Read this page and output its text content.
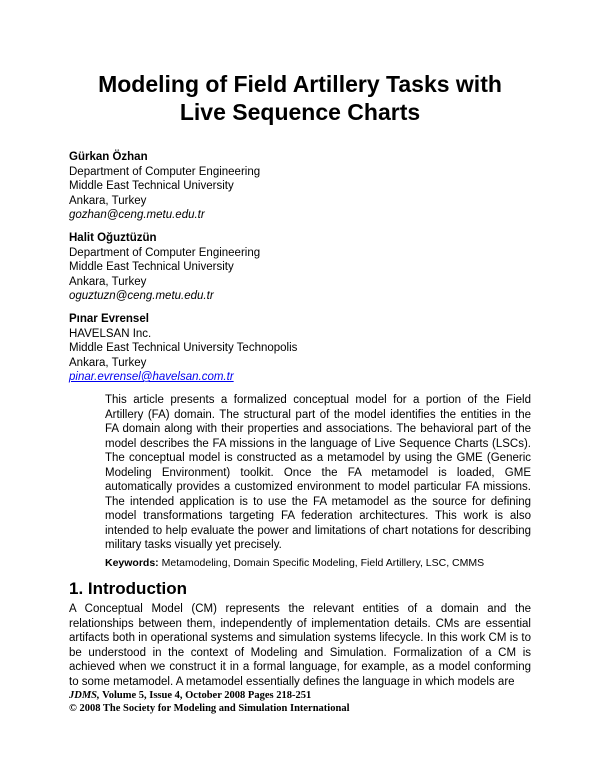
Modeling of Field Artillery Tasks with
Live Sequence Charts
Gürkan Özhan
Department of Computer Engineering
Middle East Technical University
Ankara, Turkey
gozhan@ceng.metu.edu.tr
Halit Oğuztüzün
Department of Computer Engineering
Middle East Technical University
Ankara, Turkey
oguztuzn@ceng.metu.edu.tr
Pınar Evrensel
HAVELSAN Inc.
Middle East Technical University Technopolis
Ankara, Turkey
pinar.evrensel@havelsan.com.tr
This article presents a formalized conceptual model for a portion of the Field Artillery (FA) domain. The structural part of the model identifies the entities in the FA domain along with their properties and associations. The behavioral part of the model describes the FA missions in the language of Live Sequence Charts (LSCs). The conceptual model is constructed as a metamodel by using the GME (Generic Modeling Environment) toolkit. Once the FA metamodel is loaded, GME automatically provides a customized environment to model particular FA missions. The intended application is to use the FA metamodel as the source for defining model transformations targeting FA federation architectures. This work is also intended to help evaluate the power and limitations of chart notations for describing military tasks visually yet precisely.
Keywords: Metamodeling, Domain Specific Modeling, Field Artillery, LSC, CMMS
1. Introduction
A Conceptual Model (CM) represents the relevant entities of a domain and the relationships between them, independently of implementation details. CMs are essential artifacts both in operational systems and simulation systems lifecycle. In this work CM is to be understood in the context of Modeling and Simulation. Formalization of a CM is achieved when we construct it in a formal language, for example, as a model conforming to some metamodel. A metamodel essentially defines the language in which models are
JDMS, Volume 5, Issue 4, October 2008 Pages 218-251
© 2008 The Society for Modeling and Simulation International
